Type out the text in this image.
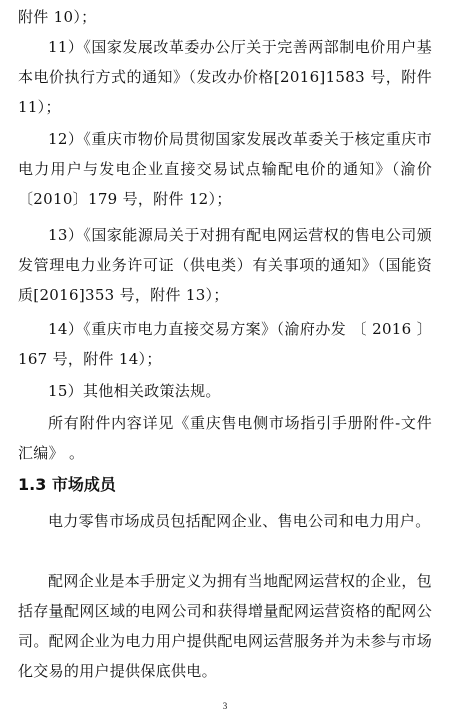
附件 10）；

11）《国家发展改革委办公厅关于完善两部制电价用户基本电价执行方式的通知》（发改办价格[2016]1583 号，附件 11）；

12）《重庆市物价局贯彻国家发展改革委关于核定重庆市电力用户与发电企业直接交易试点输配电价的通知》（渝价〔2010〕179 号，附件 12）；

13）《国家能源局关于对拥有配电网运营权的售电公司颁发管理电力业务许可证（供电类）有关事项的通知》（国能资质[2016]353 号，附件 13）；

14）《重庆市电力直接交易方案》（渝府办发 〔 2016 〕167 号，附件 14）；

15）其他相关政策法规。

所有附件内容详见《重庆售电侧市场指引手册附件-文件汇编》 。

1.3 市场成员

电力零售市场成员包括配网企业、售电公司和电力用户。

配网企业是本手册定义为拥有当地配网运营权的企业，包括存量配网区域的电网公司和获得增量配网运营资格的配网公司。配网企业为电力用户提供配电网运营服务并为未参与市场化交易的用户提供保底供电。

3
